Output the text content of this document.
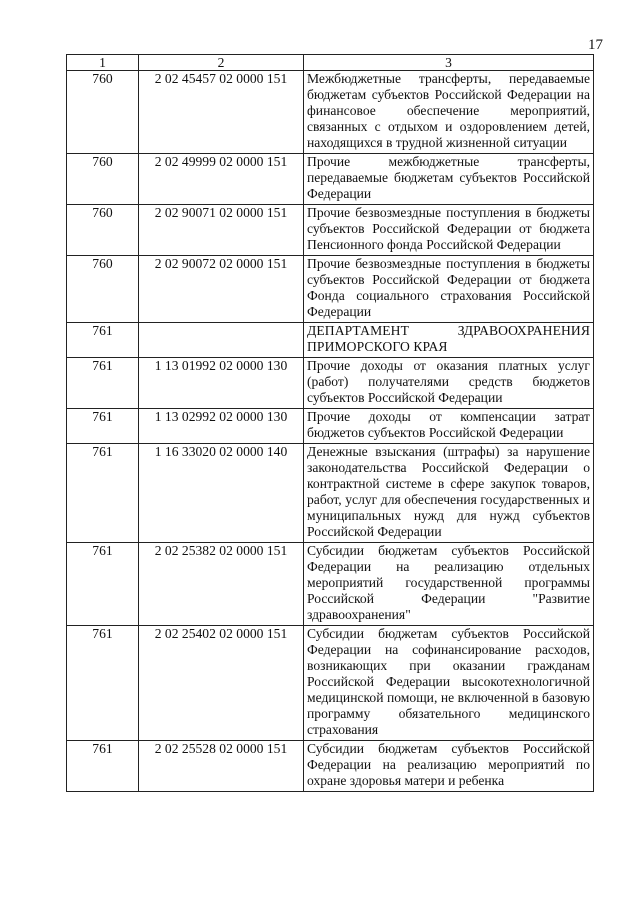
17
1	2	3
760	2 02 45457 02 0000 151	Межбюджетные трансферты, передаваемые бюджетам субъектов Российской Федерации на финансовое обеспечение мероприятий, связанных с отдыхом и оздоровлением детей, находящихся в трудной жизненной ситуации
760	2 02 49999 02 0000 151	Прочие межбюджетные трансферты, передаваемые бюджетам субъектов Российской Федерации
760	2 02 90071 02 0000 151	Прочие безвозмездные поступления в бюджеты субъектов Российской Федерации от бюджета Пенсионного фонда Российской Федерации
760	2 02 90072 02 0000 151	Прочие безвозмездные поступления в бюджеты субъектов Российской Федерации от бюджета Фонда социального страхования Российской Федерации
761		ДЕПАРТАМЕНТ ЗДРАВООХРАНЕНИЯ ПРИМОРСКОГО КРАЯ
761	1 13 01992 02 0000 130	Прочие доходы от оказания платных услуг (работ) получателями средств бюджетов субъектов Российской Федерации
761	1 13 02992 02 0000 130	Прочие доходы от компенсации затрат бюджетов субъектов Российской Федерации
761	1 16 33020 02 0000 140	Денежные взыскания (штрафы) за нарушение законодательства Российской Федерации о контрактной системе в сфере закупок товаров, работ, услуг для обеспечения государственных и муниципальных нужд для нужд субъектов Российской Федерации
761	2 02 25382 02 0000 151	Субсидии бюджетам субъектов Российской Федерации на реализацию отдельных мероприятий государственной программы Российской Федерации "Развитие здравоохранения"
761	2 02 25402 02 0000 151	Субсидии бюджетам субъектов Российской Федерации на софинансирование расходов, возникающих при оказании гражданам Российской Федерации высокотехнологичной медицинской помощи, не включенной в базовую программу обязательного медицинского страхования
761	2 02 25528 02 0000 151	Субсидии бюджетам субъектов Российской Федерации на реализацию мероприятий по охране здоровья матери и ребенка
